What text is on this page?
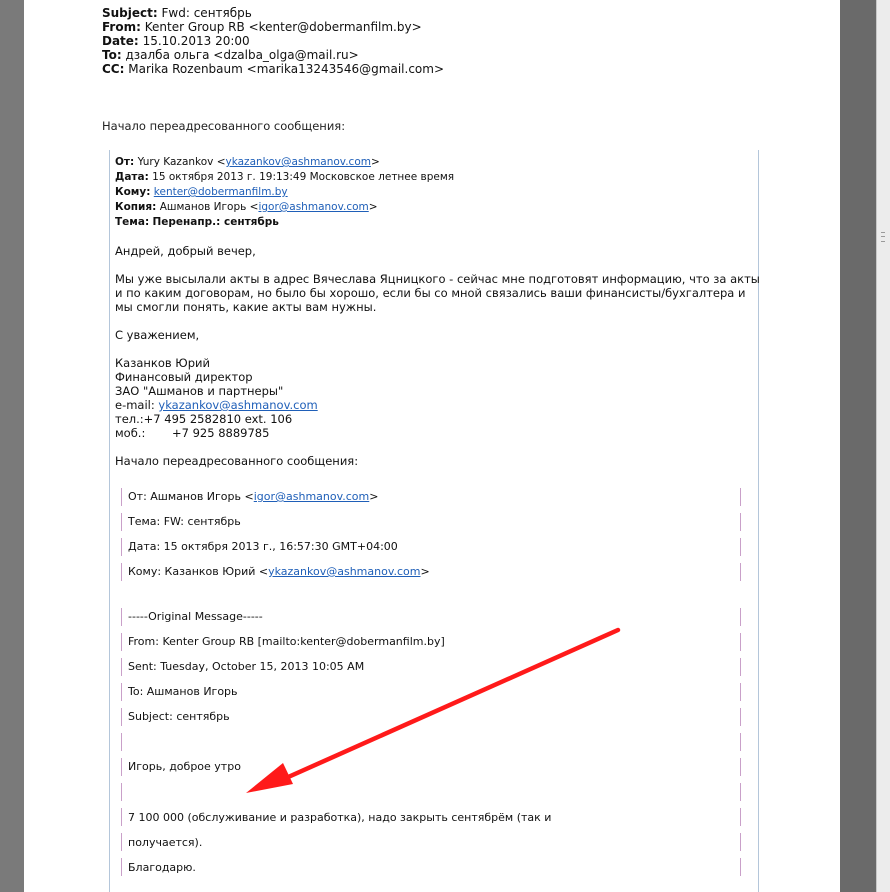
Subject: Fwd: сентябрь
From: Kenter Group RB <kenter@dobermanfilm.by>
Date: 15.10.2013 20:00
To: дзалба ольга <dzalba_olga@mail.ru>
CC: Marika Rozenbaum <marika13243546@gmail.com>
Начало переадресованного сообщения:
От: Yury Kazankov <ykazankov@ashmanov.com>
Дата: 15 октября 2013 г. 19:13:49 Московское летнее время
Кому: kenter@dobermanfilm.by
Копия: Ашманов Игорь <igor@ashmanov.com>
Тема: Перенапр.: сентябрь
Андрей, добрый вечер,
Мы уже высылали акты в адрес Вячеслава Яцницкого - сейчас мне подготовят информацию, что за акты
и по каким договорам, но было бы хорошо, если бы со мной связались ваши финансисты/бухгалтера и
мы смогли понять, какие акты вам нужны.
С уважением,
Казанков Юрий
Финансовый директор
ЗАО "Ашманов и партнеры"
e-mail: ykazankov@ashmanov.com
тел.:+7 495 2582810 ext. 106
моб.: +7 925 8889785
Начало переадресованного сообщения:
От: Ашманов Игорь <igor@ashmanov.com>
Тема: FW: сентябрь
Дата: 15 октября 2013 г., 16:57:30 GMT+04:00
Кому: Казанков Юрий <ykazankov@ashmanov.com>
-----Original Message-----
From: Kenter Group RB [mailto:kenter@dobermanfilm.by]
Sent: Tuesday, October 15, 2013 10:05 AM
To: Ашманов Игорь
Subject: сентябрь
Игорь, доброе утро
7 100 000 (обслуживание и разработка), надо закрыть сентябрём (так и
получается).
Благодарю.
